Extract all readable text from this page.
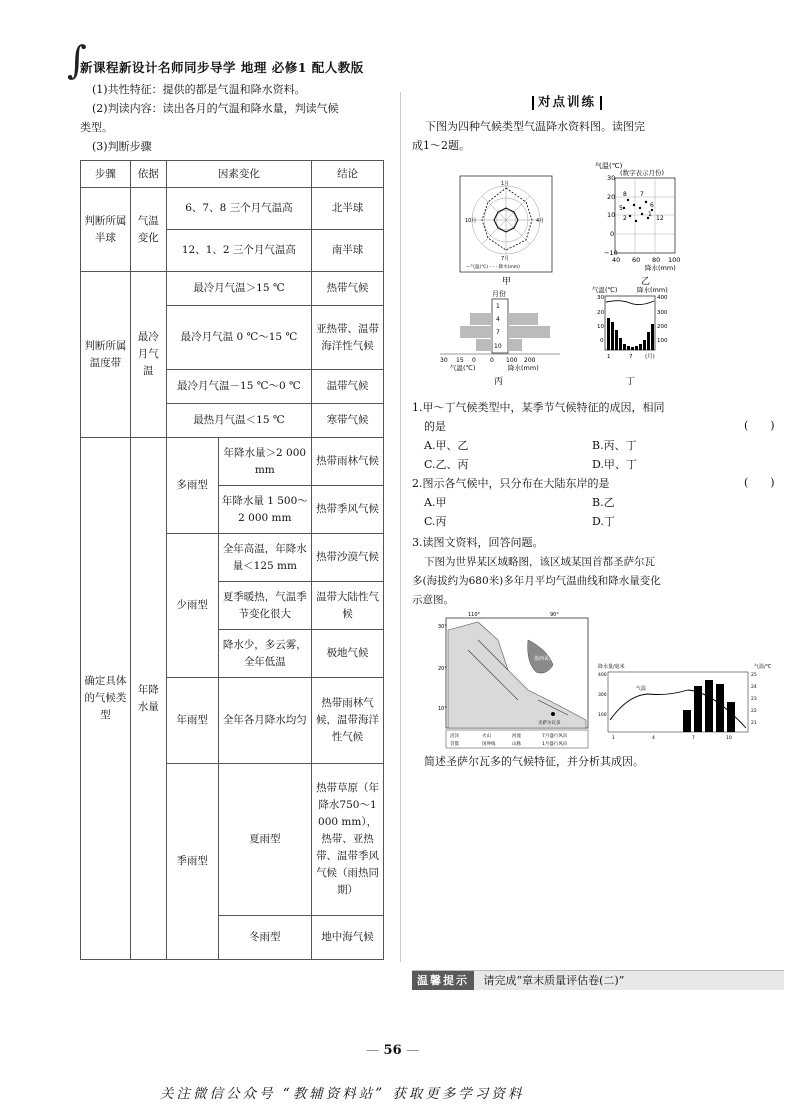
∫
新课程新设计名师同步导学 地理 必修1 配人教版
(1)共性特征：提供的都是气温和降水资料。
(2)判读内容：读出各月的气温和降水量，判读气候
类型。
(3)判断步骤
步骤	依据	因素变化		结论
判断所属半球	气温变化	6、7、8 三个月气温高		北半球
		12、1、2 三个月气温高		南半球
判断所属温度带	最冷月气温	最冷月气温＞15 ℃		热带气候
		最冷月气温 0 ℃～15 ℃		亚热带、温带海洋性气候
		最冷月气温－15 ℃～0 ℃		温带气候
		最热月气温＜15 ℃		寒带气候
确定具体的气候类型	年降水量	多雨型	年降水量＞2 000 mm	热带雨林气候
			年降水量 1 500～2 000 mm	热带季风气候
		少雨型	全年高温，年降水量＜125 mm	热带沙漠气候
			夏季暖热，气温季节变化很大	温带大陆性气候
			降水少，多云雾，全年低温	极地气候
		年雨型	全年各月降水均匀	热带雨林气候，温带海洋性气候
		季雨型	夏雨型	热带草原（年降水750～1 000 mm），热带、亚热带、温带季风气候（雨热同期）
			冬雨型	地中海气候
对点训练
下图为四种气候类型气温降水资料图。读图完
成1～2题。
1月
4月
7月
10月
—气温(℃) - - - 降水(mm)
甲
气温(℃)
(数字表示月份)
30
20
10
0
−10
40 60 80 100
降水(mm)
8 7
5	6
2	12
1
乙
月份
1
4
7
10
30 15 0 0 100 200
气温(℃)	降水(mm)
丙
气温(℃)	降水(mm)
30
20
10
0
400
300
200
100
1	7 (月)
丁
1.甲～丁气候类型中，某季节气候特征的成因，相同
的是	(　　)
A.甲、乙	B.丙、丁
C.乙、丙	D.甲、丁
2.图示各气候中，只分布在大陆东岸的是	(　　)
A.甲	B.乙
C.丙	D.丁
3.读图文资料，回答问题。
下图为世界某区域略图，该区域某国首都圣萨尔瓦
多(海拔约为680米)多年月平均气温曲线和降水量变化
示意图。
110°	90°
30°
20°
10°
墨西哥湾
圣萨尔瓦多
沼泽	火山	河流	7月盛行风向
首都	国界线	山脉	1月盛行风向
降水量/毫米	气温/℃
气温
400
300
100
25
24
23
22
21
1	4	7	10
简述圣萨尔瓦多的气候特征，并分析其成因。
温馨提示 请完成“章末质量评估卷(二)”
— 56 —
关注微信公众号 “教辅资料站” 获取更多学习资料
